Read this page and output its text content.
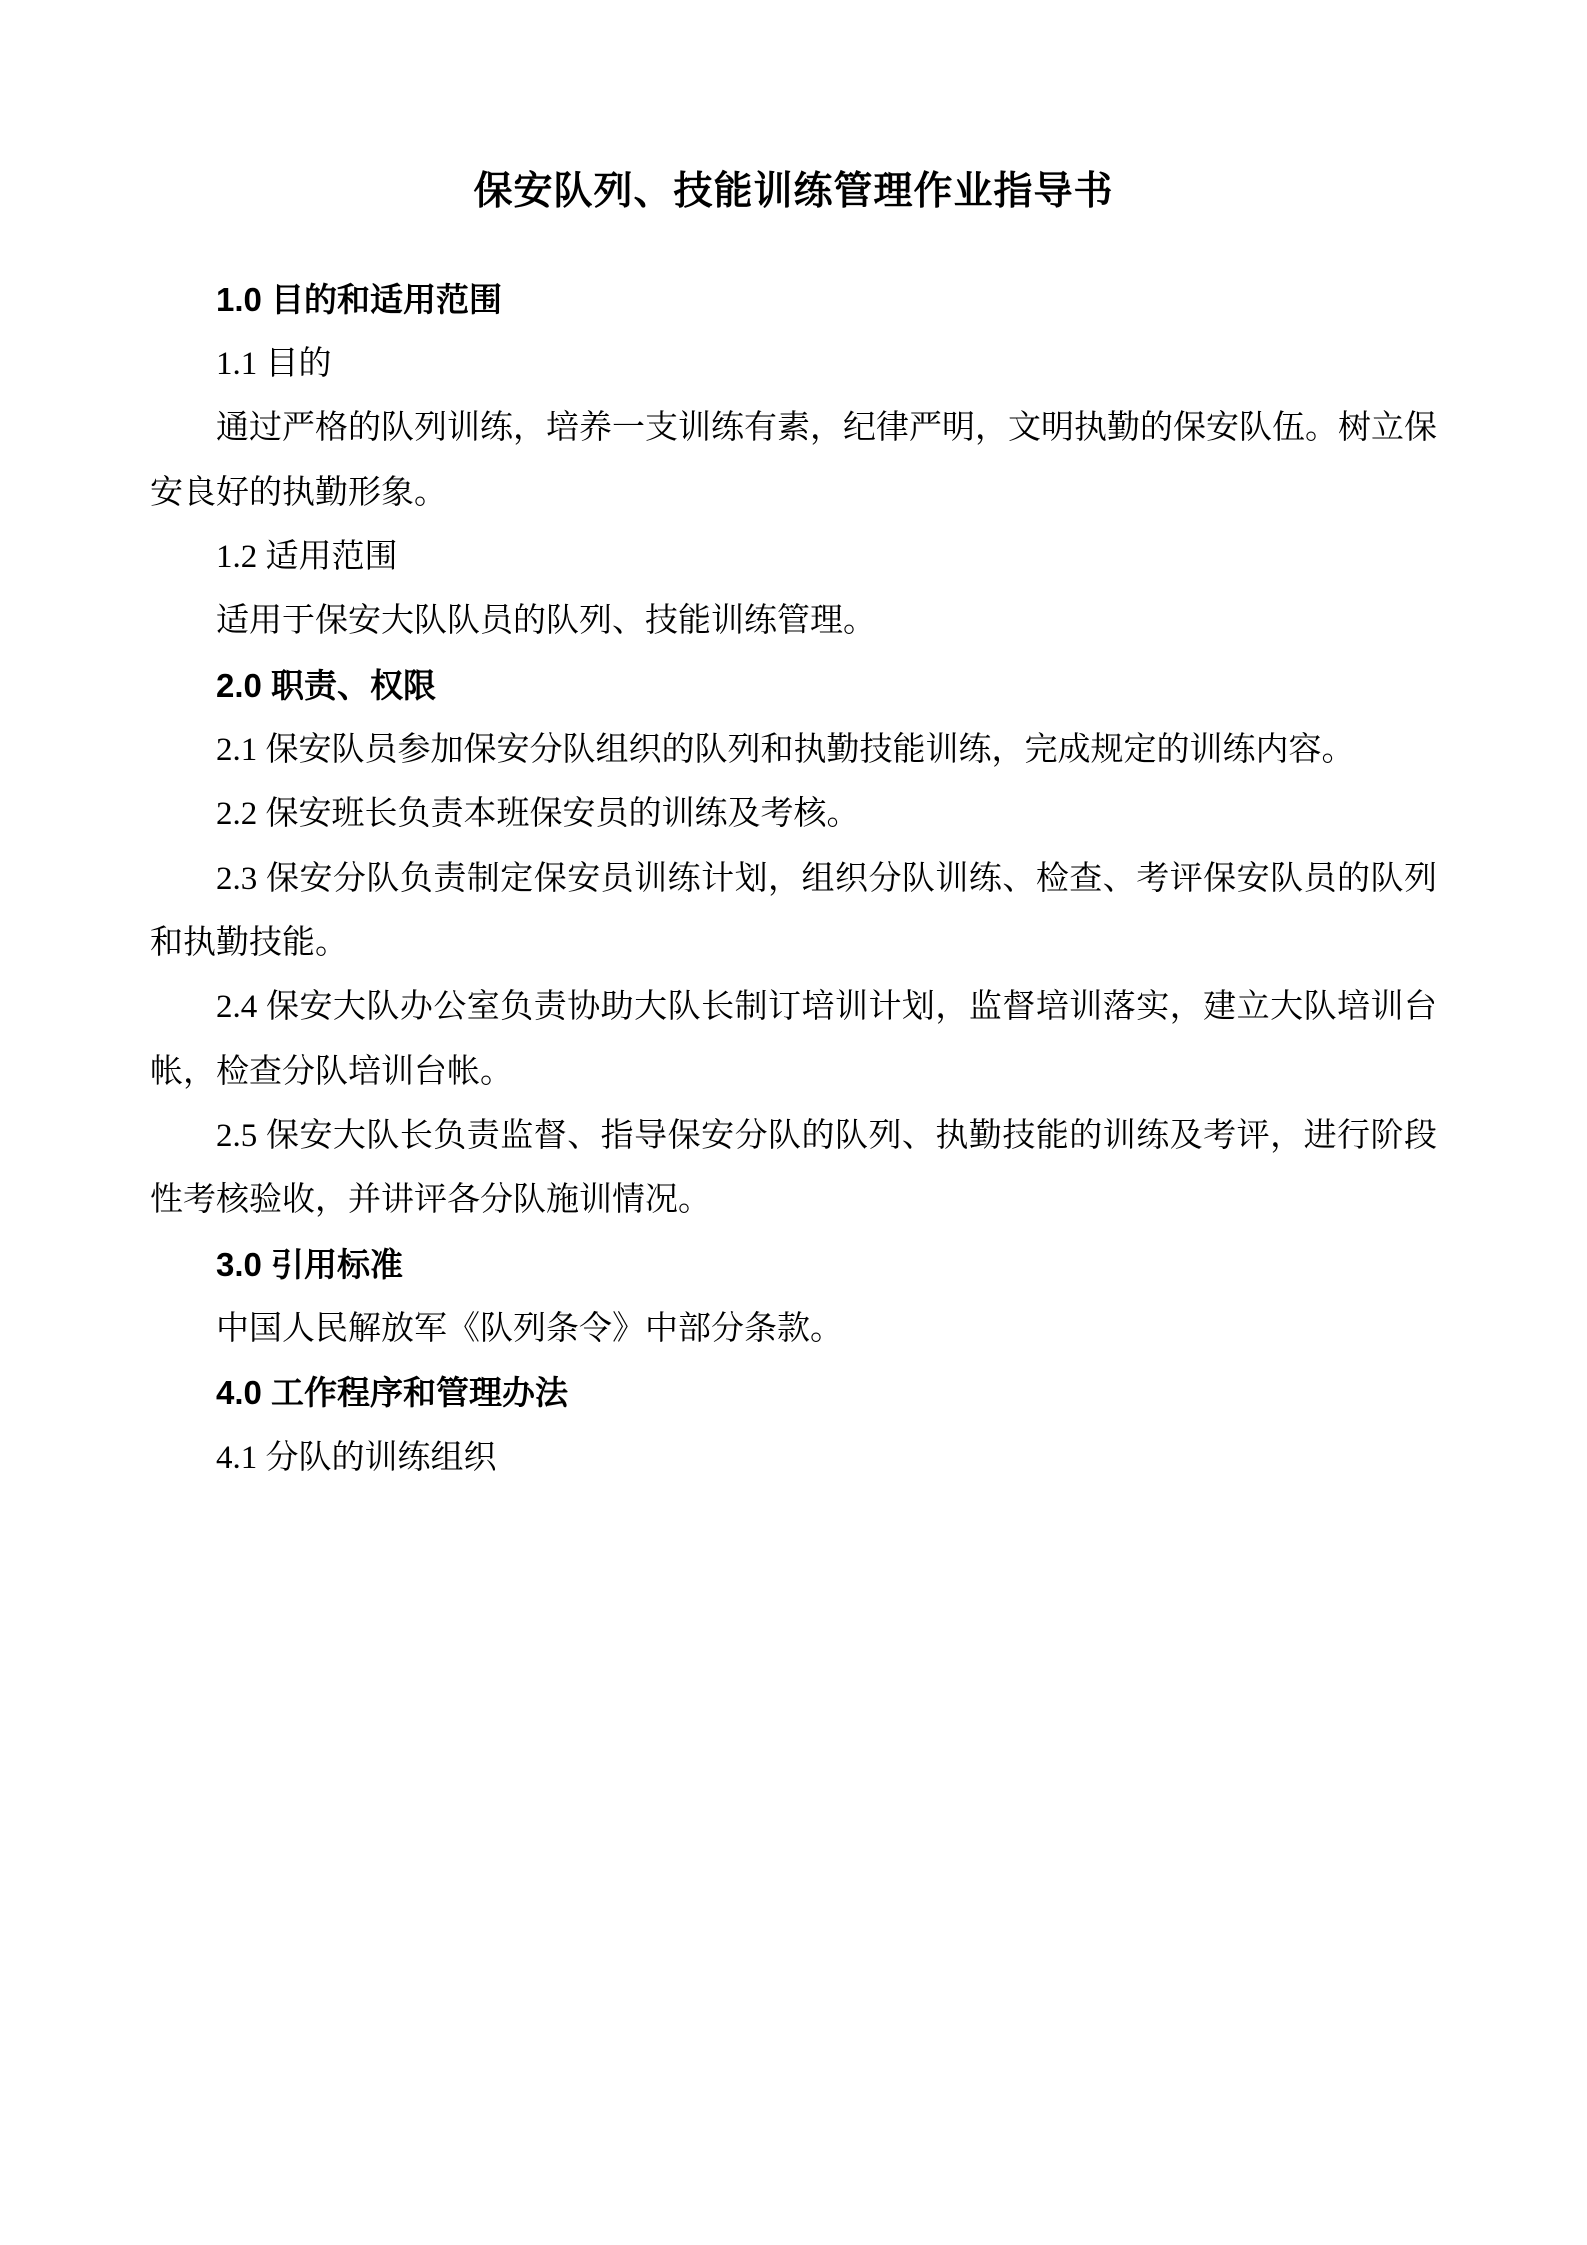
保安队列、技能训练管理作业指导书
1.0 目的和适用范围
1.1 目的
通过严格的队列训练，培养一支训练有素，纪律严明，文明执勤的保安队伍。树立保安良好的执勤形象。
1.2 适用范围
适用于保安大队队员的队列、技能训练管理。
2.0 职责、权限
2.1 保安队员参加保安分队组织的队列和执勤技能训练，完成规定的训练内容。
2.2 保安班长负责本班保安员的训练及考核。
2.3 保安分队负责制定保安员训练计划，组织分队训练、检查、考评保安队员的队列和执勤技能。
2.4 保安大队办公室负责协助大队长制订培训计划，监督培训落实，建立大队培训台帐，检查分队培训台帐。
2.5 保安大队长负责监督、指导保安分队的队列、执勤技能的训练及考评，进行阶段性考核验收，并讲评各分队施训情况。
3.0 引用标准
中国人民解放军《队列条令》中部分条款。
4.0 工作程序和管理办法
4.1 分队的训练组织
